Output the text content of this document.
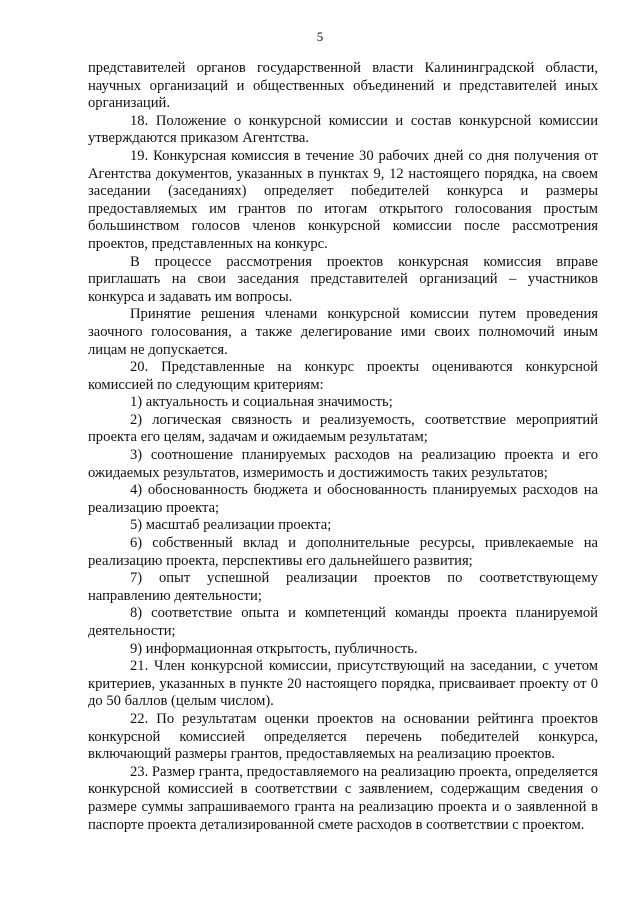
5

представителей органов государственной власти Калининградской области, научных организаций и общественных объединений и представителей иных организаций.

18. Положение о конкурсной комиссии и состав конкурсной комиссии утверждаются приказом Агентства.

19. Конкурсная комиссия в течение 30 рабочих дней со дня получения от Агентства документов, указанных в пунктах 9, 12 настоящего порядка, на своем заседании (заседаниях) определяет победителей конкурса и размеры предоставляемых им грантов по итогам открытого голосования простым большинством голосов членов конкурсной комиссии после рассмотрения проектов, представленных на конкурс.

В процессе рассмотрения проектов конкурсная комиссия вправе приглашать на свои заседания представителей организаций – участников конкурса и задавать им вопросы.

Принятие решения членами конкурсной комиссии путем проведения заочного голосования, а также делегирование ими своих полномочий иным лицам не допускается.

20. Представленные на конкурс проекты оцениваются конкурсной комиссией по следующим критериям:

1) актуальность и социальная значимость;

2) логическая связность и реализуемость, соответствие мероприятий проекта его целям, задачам и ожидаемым результатам;

3) соотношение планируемых расходов на реализацию проекта и его ожидаемых результатов, измеримость и достижимость таких результатов;

4) обоснованность бюджета и обоснованность планируемых расходов на реализацию проекта;

5) масштаб реализации проекта;

6) собственный вклад и дополнительные ресурсы, привлекаемые на реализацию проекта, перспективы его дальнейшего развития;

7) опыт успешной реализации проектов по соответствующему направлению деятельности;

8) соответствие опыта и компетенций команды проекта планируемой деятельности;

9) информационная открытость, публичность.

21. Член конкурсной комиссии, присутствующий на заседании, с учетом критериев, указанных в пункте 20 настоящего порядка, присваивает проекту от 0 до 50 баллов (целым числом).

22. По результатам оценки проектов на основании рейтинга проектов конкурсной комиссией определяется перечень победителей конкурса, включающий размеры грантов, предоставляемых на реализацию проектов.

23. Размер гранта, предоставляемого на реализацию проекта, определяется конкурсной комиссией в соответствии с заявлением, содержащим сведения о размере суммы запрашиваемого гранта на реализацию проекта и о заявленной в паспорте проекта детализированной смете расходов в соответствии с проектом.
